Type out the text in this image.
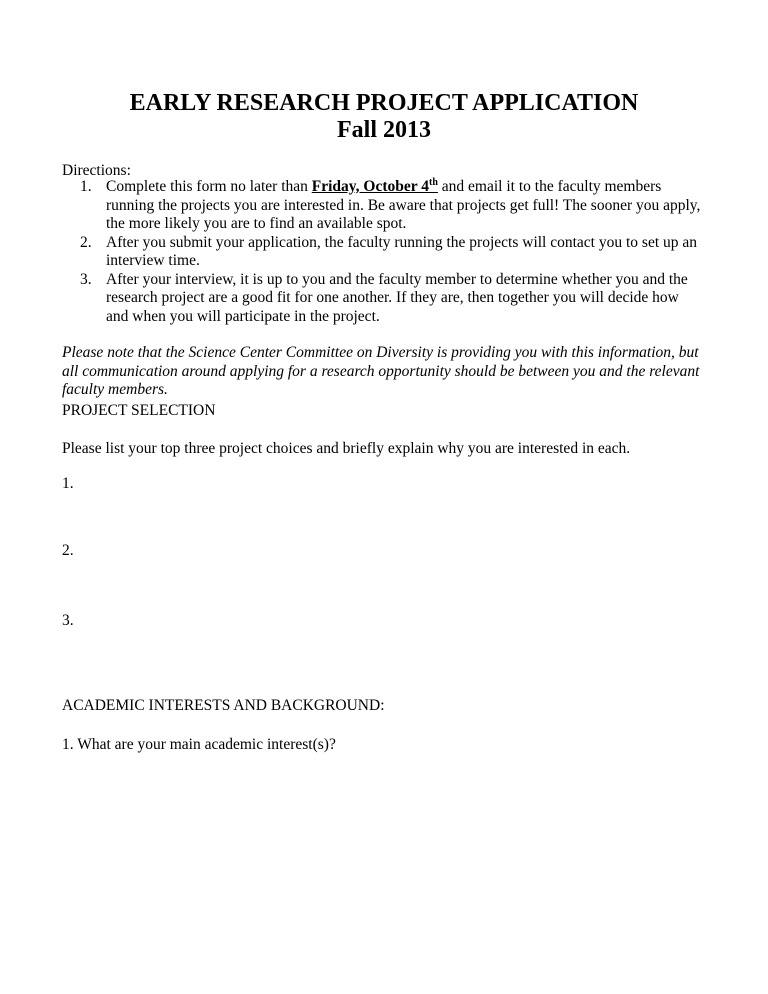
EARLY RESEARCH PROJECT APPLICATION
Fall 2013
Directions:
1. Complete this form no later than Friday, October 4th and email it to the faculty members running the projects you are interested in. Be aware that projects get full! The sooner you apply, the more likely you are to find an available spot.
2. After you submit your application, the faculty running the projects will contact you to set up an interview time.
3. After your interview, it is up to you and the faculty member to determine whether you and the research project are a good fit for one another. If they are, then together you will decide how and when you will participate in the project.
Please note that the Science Center Committee on Diversity is providing you with this information, but all communication around applying for a research opportunity should be between you and the relevant faculty members.
PROJECT SELECTION
Please list your top three project choices and briefly explain why you are interested in each.
1.
2.
3.
ACADEMIC INTERESTS AND BACKGROUND:
1. What are your main academic interest(s)?
